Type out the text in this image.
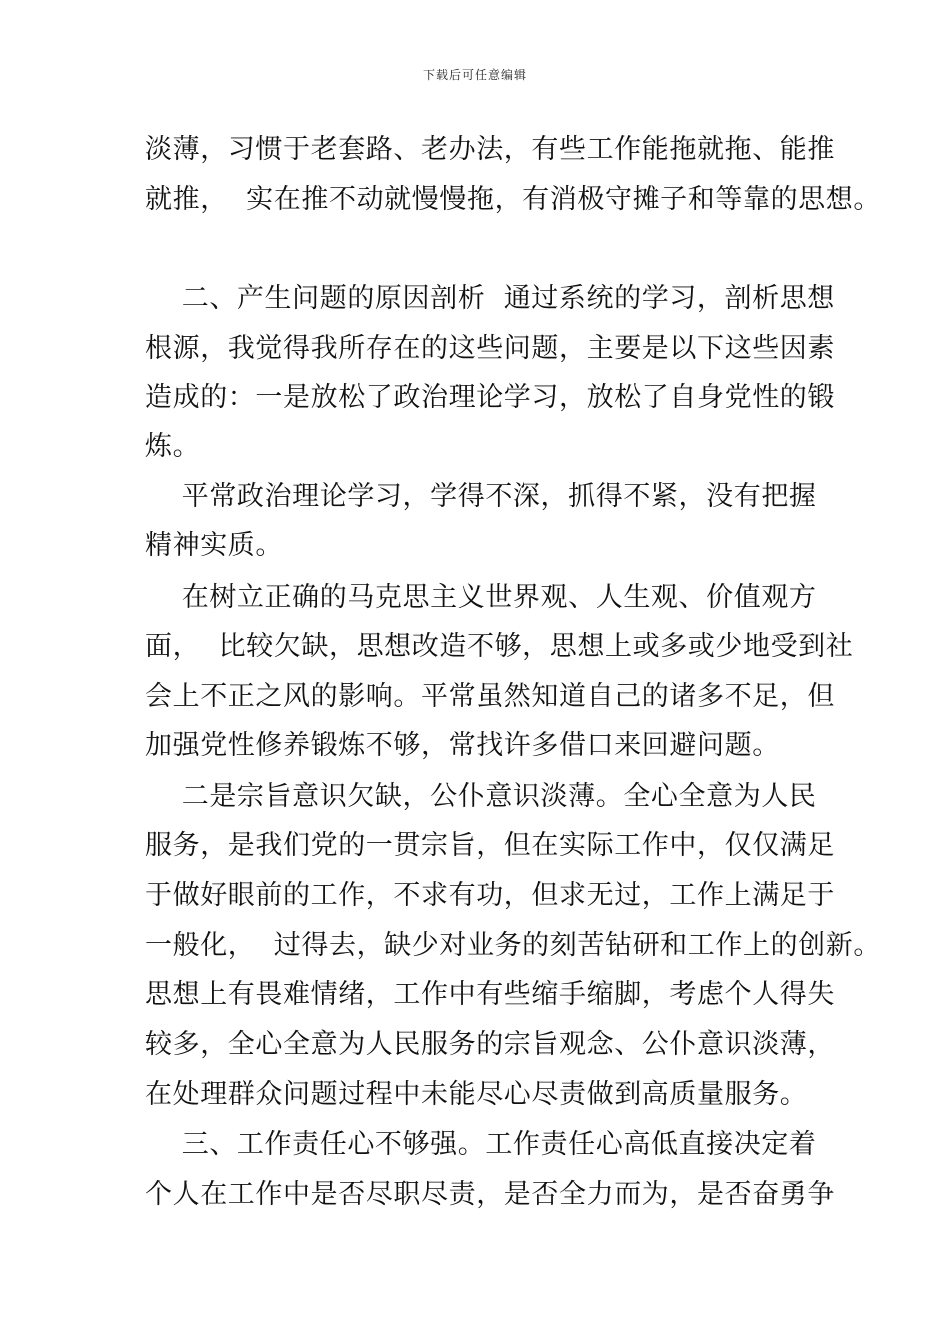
下载后可任意编辑
淡薄，习惯于老套路、老办法，有些工作能拖就拖、能推
就推，  实在推不动就慢慢拖，有消极守摊子和等靠的思想。
二、产生问题的原因剖析  通过系统的学习，剖析思想
根源，我觉得我所存在的这些问题，主要是以下这些因素
造成的：一是放松了政治理论学习，放松了自身党性的锻
炼。
平常政治理论学习，学得不深，抓得不紧，没有把握
精神实质。
在树立正确的马克思主义世界观、人生观、价值观方
面，  比较欠缺，思想改造不够，思想上或多或少地受到社
会上不正之风的影响。平常虽然知道自己的诸多不足，但
加强党性修养锻炼不够，常找许多借口来回避问题。
二是宗旨意识欠缺，公仆意识淡薄。全心全意为人民
服务，是我们党的一贯宗旨，但在实际工作中，仅仅满足
于做好眼前的工作，不求有功，但求无过，工作上满足于
一般化，  过得去，缺少对业务的刻苦钻研和工作上的创新。
思想上有畏难情绪，工作中有些缩手缩脚，考虑个人得失
较多，全心全意为人民服务的宗旨观念、公仆意识淡薄，
在处理群众问题过程中未能尽心尽责做到高质量服务。
三、工作责任心不够强。工作责任心高低直接决定着
个人在工作中是否尽职尽责，是否全力而为，是否奋勇争
